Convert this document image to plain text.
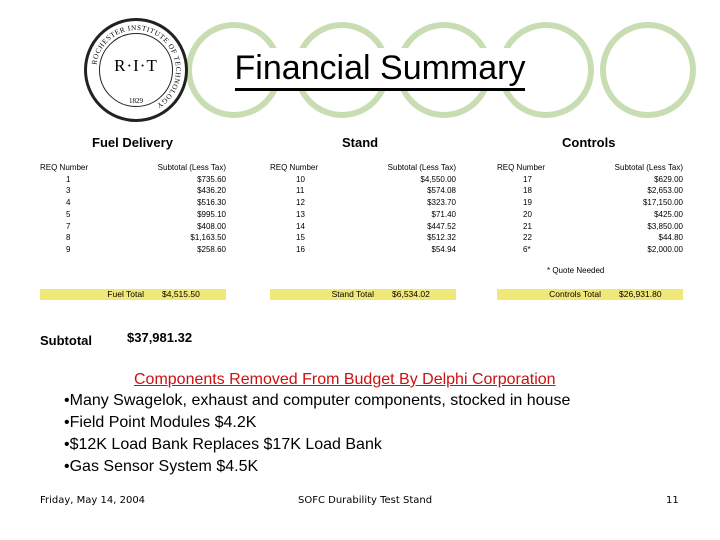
ROCHESTER INSTITUTE OF TECHNOLOGY
R·I·T
1829
Financial Summary
Fuel Delivery	Stand	Controls
REQ Number	Subtotal (Less Tax)
1	$735.60
3	$436.20
4	$516.30
5	$995.10
7	$408.00
8	$1,163.50
9	$258.60
REQ Number	Subtotal (Less Tax)
10	$4,550.00
11	$574.08
12	$323.70
13	$71.40
14	$447.52
15	$512.32
16	$54.94
REQ Number	Subtotal (Less Tax)
17	$629.00
18	$2,653.00
19	$17,150.00
20	$425.00
21	$3,850.00
22	$44.80
6*	$2,000.00
* Quote Needed
Fuel Total	$4,515.50	Stand Total	$6,534.02	Controls Total	$26,931.80
Subtotal	$37,981.32
Components Removed From Budget By Delphi Corporation
•Many Swagelok, exhaust and computer components, stocked in house
•Field Point Modules $4.2K
•$12K Load Bank Replaces $17K Load Bank
•Gas Sensor System $4.5K
Friday, May 14, 2004	SOFC Durability Test Stand	11
